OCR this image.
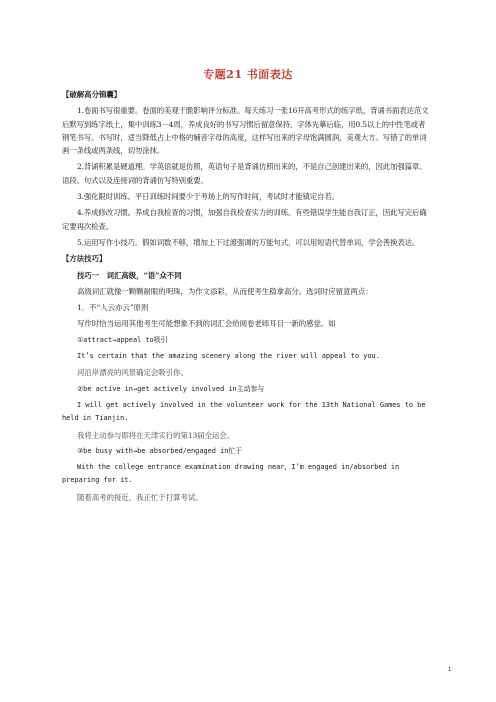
专题21 书面表达

【破解高分锦囊】

1.卷面书写很重要。卷面的美观干脆影响评分标准。每天练习一张16开高考形式的练字纸，背诵书面表达范文后默写到练字纸上，集中训练3－4周，养成良好的书写习惯后留意保持。字体先摹后临，用0.5以上的中性笔或者钢笔书写。书写时，适当降低占上中格的辅音字母的高度，这样写出来的字母饱满圆润，美观大方。写错了的单词画一条线或两条线，切勿涂抹。

2.背诵积累是硬道理。学英语就是仿照，英语句子是背诵仿照出来的，不是自己创建出来的，因此加强篇章、语段、句式以及连接词的背诵仿写特别重要。

3.强化限时训练。平日训练时间要少于考场上的写作时间，考试时才能镇定自若。

4.养成修改习惯。养成自我检查的习惯，加强自我检查实力的训练。有些错误学生能自我订正，因此写完后确定要再次检查。

5.运用写作小技巧。假如词数不够，增加上下过渡强调的万能句式，可以用短语代替单词，学会善换表达。

【方法技巧】

技巧一　词汇高级，“语”众不同

高级词汇就像一颗颗耐眼的明珠，为作文添彩，从而使考生稳拿高分。选词时应留意两点：

1．不“人云亦云”原则

写作时恰当运用其他考生可能想象不到的词汇会给阅卷老师耳目一新的感觉。如

①attract→appeal to吸引

It’s certain that the amazing scenery along the river will appeal to you.

河沿岸漂亮的风景确定会吸引你。

②be active in→get actively involved in主动参与

I will get actively involved in the volunteer work for the 13th National Games to be held in Tianjin.

我将主动参与即将在天津实行的第13届全运会。

③be busy with→be absorbed/engaged in忙于

With the college entrance examination drawing near，I’m engaged in/absorbed in preparing for it.

随着高考的接近，我正忙于打算考试。

1
